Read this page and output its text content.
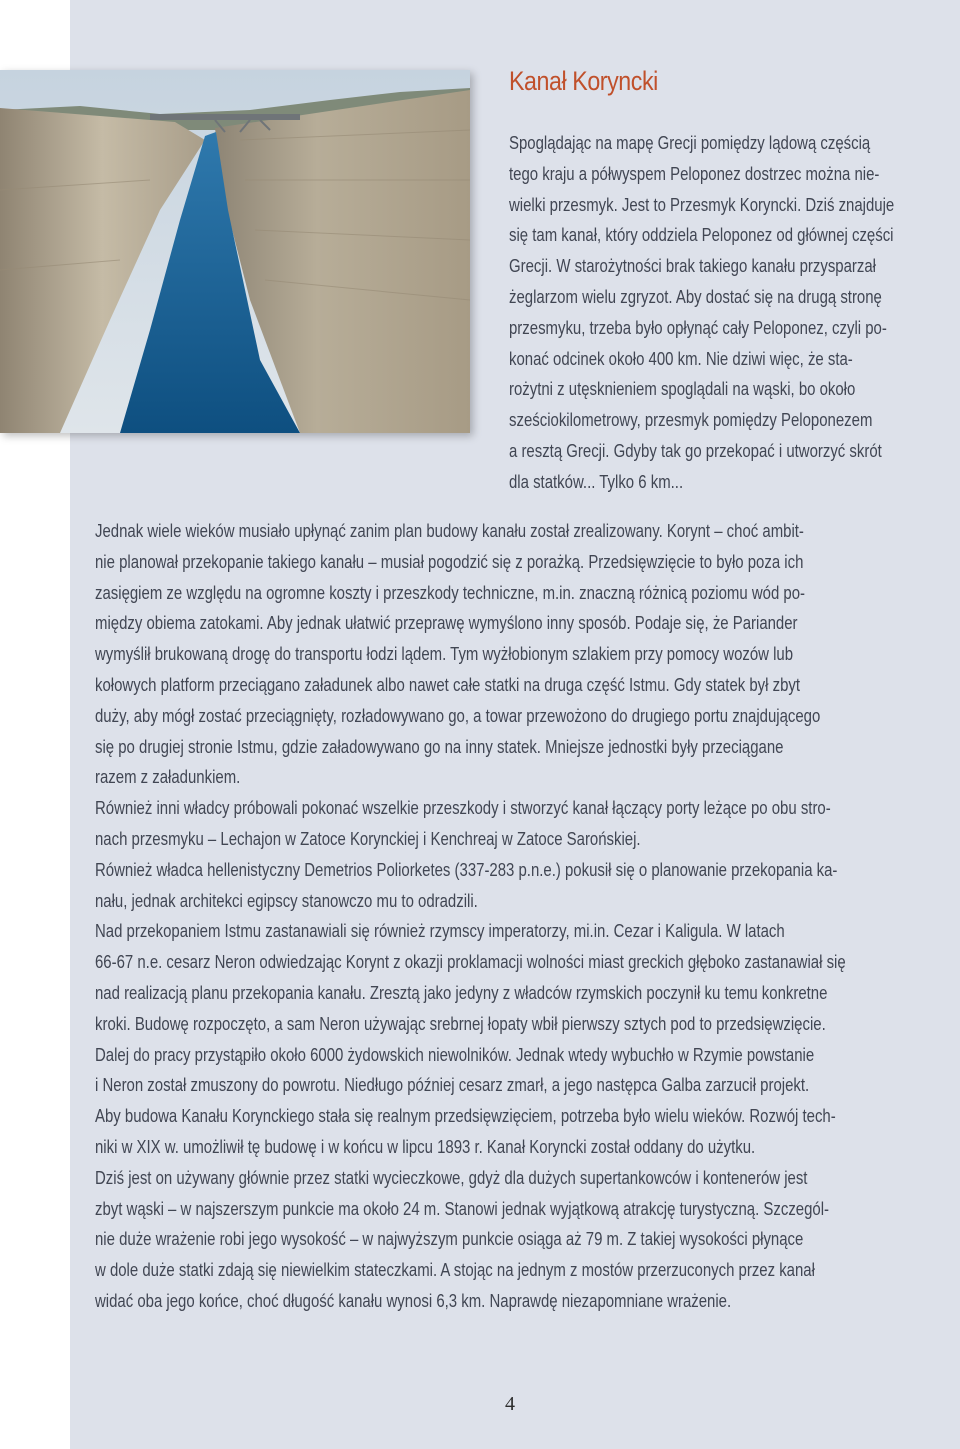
Kanał Koryncki
Spoglądając na mapę Grecji pomiędzy lądową częścią
tego kraju a półwyspem Peloponez dostrzec można nie-
wielki przesmyk. Jest to Przesmyk Koryncki. Dziś znajduje
się tam kanał, który oddziela Peloponez od głównej części
Grecji. W starożytności brak takiego kanału przysparzał
żeglarzom wielu zgryzot. Aby dostać się na drugą stronę
przesmyku, trzeba było opłynąć cały Peloponez, czyli po-
konać odcinek około 400 km. Nie dziwi więc, że sta-
rożytni z utęsknieniem spoglądali na wąski, bo około
sześciokilometrowy, przesmyk pomiędzy Peloponezem
a resztą Grecji. Gdyby tak go przekopać i utworzyć skrót
dla statków... Tylko 6 km...
Jednak wiele wieków musiało upłynąć zanim plan budowy kanału został zrealizowany. Korynt – choć ambit-
nie planował przekopanie takiego kanału – musiał pogodzić się z porażką. Przedsięwzięcie to było poza ich
zasięgiem ze względu na ogromne koszty i przeszkody techniczne, m.in. znaczną różnicą poziomu wód po-
między obiema zatokami. Aby jednak ułatwić przeprawę wymyślono inny sposób. Podaje się, że Pariander
wymyślił brukowaną drogę do transportu łodzi lądem. Tym wyżłobionym szlakiem przy pomocy wozów lub
kołowych platform przeciągano załadunek albo nawet całe statki na druga część Istmu. Gdy statek był zbyt
duży, aby mógł zostać przeciągnięty, rozładowywano go, a towar przewożono do drugiego portu znajdującego
się po drugiej stronie Istmu, gdzie załadowywano go na inny statek. Mniejsze jednostki były przeciągane
razem z załadunkiem.
Również inni władcy próbowali pokonać wszelkie przeszkody i stworzyć kanał łączący porty leżące po obu stro-
nach przesmyku – Lechajon w Zatoce Korynckiej i Kenchreaj w Zatoce Sarońskiej.
Również władca hellenistyczny Demetrios Poliorketes (337-283 p.n.e.) pokusił się o planowanie przekopania ka-
nału, jednak architekci egipscy stanowczo mu to odradzili.
Nad przekopaniem Istmu zastanawiali się również rzymscy imperatorzy, mi.in. Cezar i Kaligula. W latach
66-67 n.e. cesarz Neron odwiedzając Korynt z okazji proklamacji wolności miast greckich głęboko zastanawiał się
nad realizacją planu przekopania kanału. Zresztą jako jedyny z władców rzymskich poczynił ku temu konkretne
kroki. Budowę rozpoczęto, a sam Neron używając srebrnej łopaty wbił pierwszy sztych pod to przedsięwzięcie.
Dalej do pracy przystąpiło około 6000 żydowskich niewolników. Jednak wtedy wybuchło w Rzymie powstanie
i Neron został zmuszony do powrotu. Niedługo później cesarz zmarł, a jego następca Galba zarzucił projekt.
Aby budowa Kanału Korynckiego stała się realnym przedsięwzięciem, potrzeba było wielu wieków. Rozwój tech-
niki w XIX w. umożliwił tę budowę i w końcu w lipcu 1893 r. Kanał Koryncki został oddany do użytku.
Dziś jest on używany głównie przez statki wycieczkowe, gdyż dla dużych supertankowców i kontenerów jest
zbyt wąski – w najszerszym punkcie ma około 24 m. Stanowi jednak wyjątkową atrakcję turystyczną. Szczegól-
nie duże wrażenie robi jego wysokość – w najwyższym punkcie osiąga aż 79 m. Z takiej wysokości płynące
w dole duże statki zdają się niewielkim stateczkami. A stojąc na jednym z mostów przerzuconych przez kanał
widać oba jego końce, choć długość kanału wynosi 6,3 km. Naprawdę niezapomniane wrażenie.
4
